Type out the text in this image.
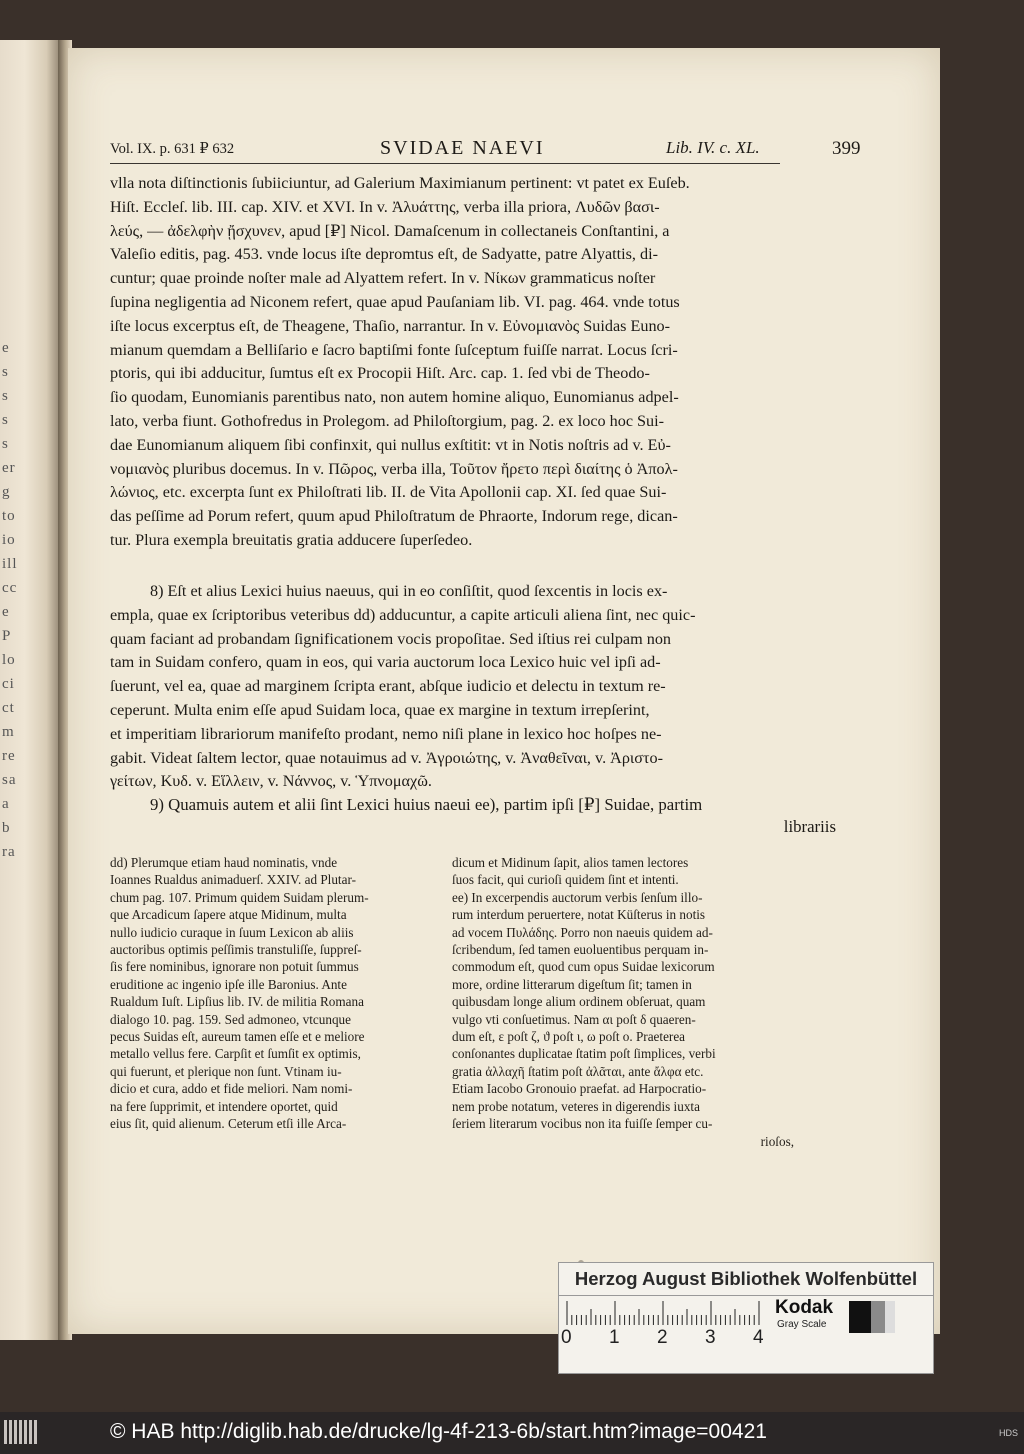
e
s
s
s
s
er
g
to
io
ill
cc
e
P
lo
ci
ct
m
re
sa
a
b
ra
Vol. IX. p. 631 ₽ 632	SVIDAE NAEVI	Lib. IV. c. XL.	399
vlla nota diſtinctionis ſubiiciuntur, ad Galerium Maximianum pertinent: vt patet ex Euſeb.
Hiſt. Eccleſ. lib. III. cap. XIV. et XVI. In v. Ἀλυάττης, verba illa priora, Λυδῶν βασι-
λεύς, — ἀδελφὴν ᾔσχυνεν, apud [₽] Nicol. Damaſcenum in collectaneis Conſtantini, a
Valeſio editis, pag. 453. vnde locus iſte depromtus eſt, de Sadyatte, patre Alyattis, di-
cuntur; quae proinde noſter male ad Alyattem refert. In v. Νίκων grammaticus noſter
ſupina negligentia ad Niconem refert, quae apud Pauſaniam lib. VI. pag. 464. vnde totus
iſte locus excerptus eſt, de Theagene, Thaſio, narrantur. In v. Εὐνομιανὸς Suidas Euno-
mianum quemdam a Belliſario e ſacro baptiſmi fonte ſuſceptum fuiſſe narrat. Locus ſcri-
ptoris, qui ibi adducitur, ſumtus eſt ex Procopii Hiſt. Arc. cap. 1. ſed vbi de Theodo-
ſio quodam, Eunomianis parentibus nato, non autem homine aliquo, Eunomianus adpel-
lato, verba fiunt. Gothofredus in Prolegom. ad Philoſtorgium, pag. 2. ex loco hoc Sui-
dae Eunomianum aliquem ſibi confinxit, qui nullus exſtitit: vt in Notis noſtris ad v. Εὐ-
νομιανὸς pluribus docemus. In v. Πῶρος, verba illa, Τοῦτον ἤρετο περὶ διαίτης ὁ Ἀπολ-
λώνιος, etc. excerpta ſunt ex Philoſtrati lib. II. de Vita Apollonii cap. XI. ſed quae Sui-
das peſſime ad Porum refert, quum apud Philoſtratum de Phraorte, Indorum rege, dican-
tur. Plura exempla breuitatis gratia adducere ſuperſedeo.
8) Eſt et alius Lexici huius naeuus, qui in eo conſiſtit, quod ſexcentis in locis ex-
empla, quae ex ſcriptoribus veteribus dd) adducuntur, a capite articuli aliena ſint, nec quic-
quam faciant ad probandam ſignificationem vocis propoſitae. Sed iſtius rei culpam non
tam in Suidam confero, quam in eos, qui varia auctorum loca Lexico huic vel ipſi ad-
ſuerunt, vel ea, quae ad marginem ſcripta erant, abſque iudicio et delectu in textum re-
ceperunt. Multa enim eſſe apud Suidam loca, quae ex margine in textum irrepſerint,
et imperitiam librariorum manifeſto prodant, nemo niſi plane in lexico hoc hoſpes ne-
gabit. Videat ſaltem lector, quae notauimus ad v. Ἀγροιώτης, v. Ἀναθεῖναι, v. Ἀριστο-
γείτων, Κυδ. v. Εἵλλειν, v. Νάννος, v. Ὑπνομαχῶ.

9) Quamuis autem et alii ſint Lexici huius naeui ee), partim ipſi [₽] Suidae, partim

librariis

dd) Plerumque etiam haud nominatis, vnde
Ioannes Rualdus animaduerſ. XXIV. ad Plutar-
chum pag. 107. Primum quidem Suidam plerum-
que Arcadicum ſapere atque Midinum, multa
nullo iudicio curaque in ſuum Lexicon ab aliis
auctoribus optimis peſſimis transtuliſſe, ſuppreſ-
ſis fere nominibus, ignorare non potuit ſummus
eruditione ac ingenio ipſe ille Baronius. Ante
Rualdum Iuſt. Lipſius lib. IV. de militia Romana
dialogo 10. pag. 159. Sed admoneo, vtcunque
pecus Suidas eſt, aureum tamen eſſe et e meliore
metallo vellus fere. Carpſit et ſumſit ex optimis,
qui fuerunt, et plerique non ſunt. Vtinam iu-
dicio et cura, addo et fide meliori. Nam nomi-
na fere ſupprimit, et intendere oportet, quid
eius ſit, quid alienum. Ceterum etſi ille Arca-
dicum et Midinum ſapit, alios tamen lectores
ſuos facit, qui curioſi quidem ſint et intenti.
ee) In excerpendis auctorum verbis ſenſum illo-
rum interdum peruertere, notat Küſterus in notis
ad vocem Πυλάδης. Porro non naeuis quidem ad-
ſcribendum, ſed tamen euoluentibus perquam in-
commodum eſt, quod cum opus Suidae lexicorum
more, ordine litterarum digeſtum ſit; tamen in
quibusdam longe alium ordinem obſeruat, quam
vulgo vti conſuetimus. Nam αι poſt δ quaeren-
dum eſt, ε poſt ζ, ϑ poſt ι, ω poſt ο. Praeterea
conſonantes duplicatae ſtatim poſt ſimplices, verbi
gratia ἀλλαχῆ ſtatim poſt ἀλᾶται, ante ἄλφα etc.
Etiam Iacobo Gronouio praefat. ad Harpocratio-
nem probe notatum, veteres in digerendis iuxta
ſeriem literarum vocibus non ita fuiſſe ſemper cu-
rioſos,
Herzog August Bibliothek Wolfenbüttel
0 1 2 3 4
Kodak
Gray Scale
© HAB http://diglib.hab.de/drucke/lg-4f-213-6b/start.htm?image=00421	HDS
